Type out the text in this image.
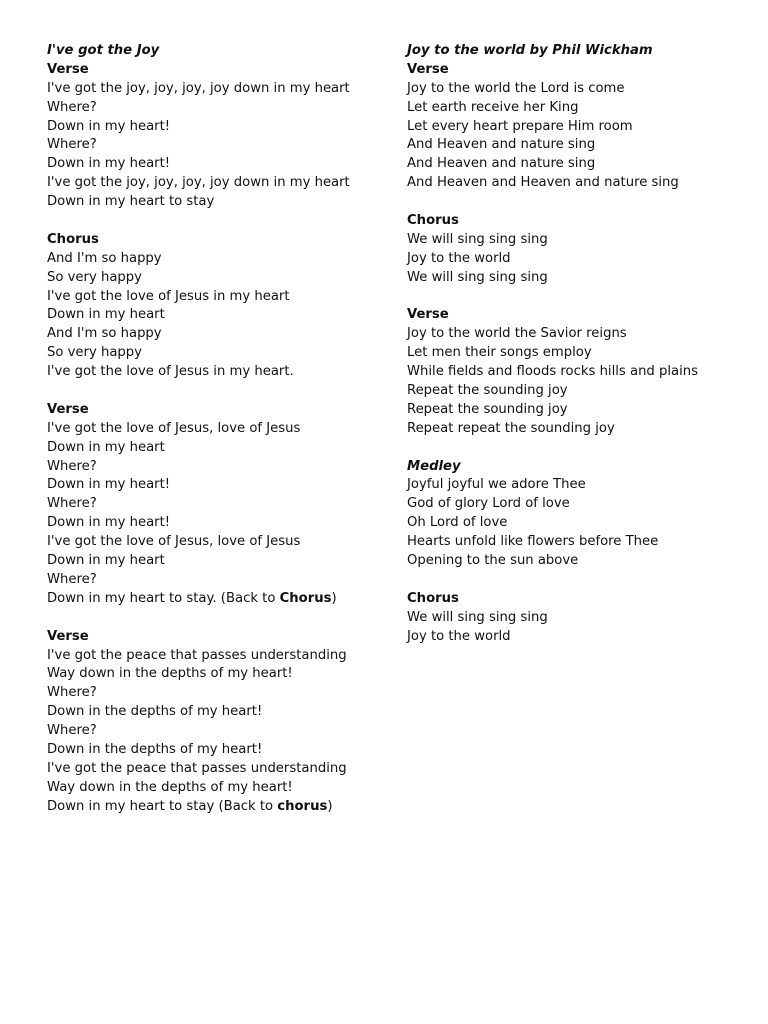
I've got the Joy
Verse
I've got the joy, joy, joy, joy down in my heart
Where?
Down in my heart!
Where?
Down in my heart!
I've got the joy, joy, joy, joy down in my heart
Down in my heart to stay
Chorus
And I'm so happy
So very happy
I've got the love of Jesus in my heart
Down in my heart
And I'm so happy
So very happy
I've got the love of Jesus in my heart.
Verse
I've got the love of Jesus, love of Jesus
Down in my heart
Where?
Down in my heart!
Where?
Down in my heart!
I've got the love of Jesus, love of Jesus
Down in my heart
Where?
Down in my heart to stay. (Back to Chorus)
Verse
I've got the peace that passes understanding
Way down in the depths of my heart!
Where?
Down in the depths of my heart!
Where?
Down in the depths of my heart!
I've got the peace that passes understanding
Way down in the depths of my heart!
Down in my heart to stay (Back to chorus)
Joy to the world by Phil Wickham
Verse
Joy to the world the Lord is come
Let earth receive her King
Let every heart prepare Him room
And Heaven and nature sing
And Heaven and nature sing
And Heaven and Heaven and nature sing
Chorus
We will sing sing sing
Joy to the world
We will sing sing sing
Verse
Joy to the world the Savior reigns
Let men their songs employ
While fields and floods rocks hills and plains
Repeat the sounding joy
Repeat the sounding joy
Repeat repeat the sounding joy
Medley
Joyful joyful we adore Thee
God of glory Lord of love
Oh Lord of love
Hearts unfold like flowers before Thee
Opening to the sun above
Chorus
We will sing sing sing
Joy to the world
